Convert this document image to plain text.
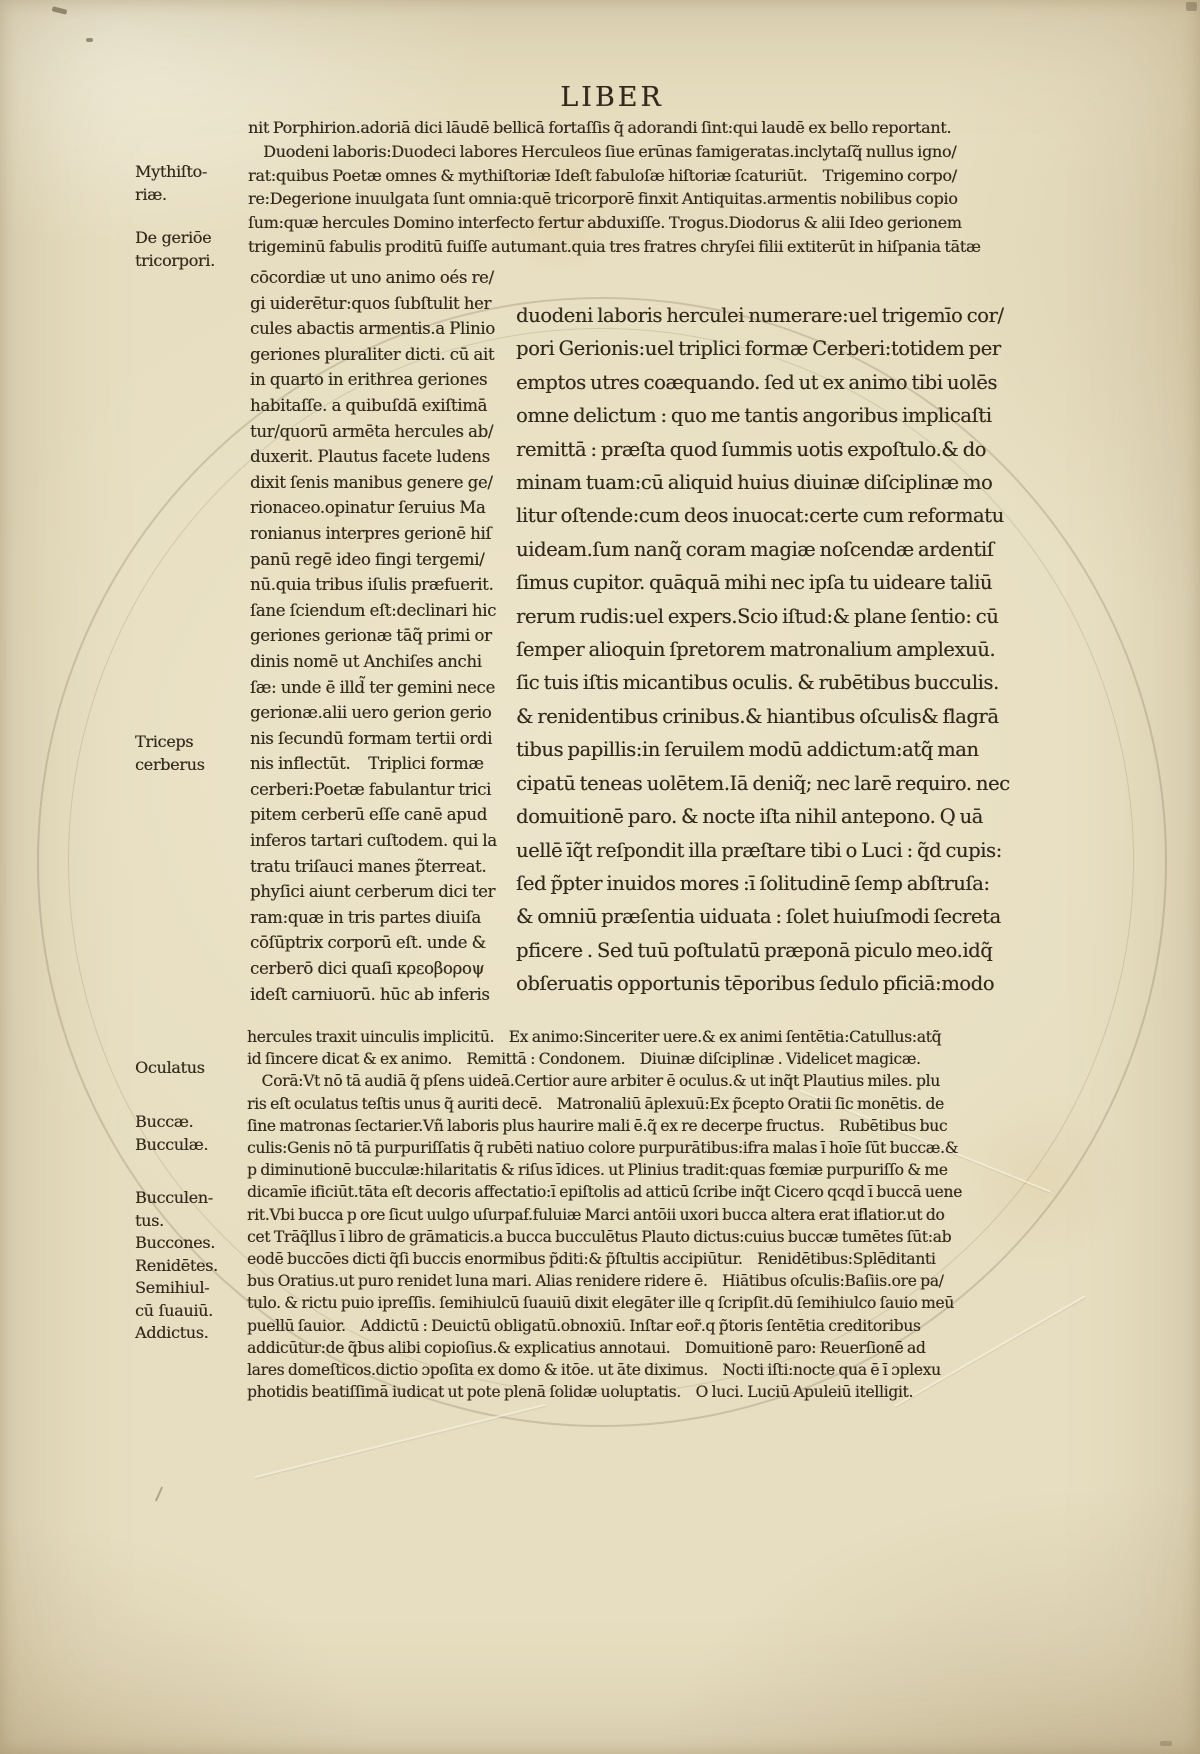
LIBER
nit Porphirion.adoriā dici lāudē bellicā fortaſſis q̃ adorandi ſint:qui laudē ex bello reportant.
Duodeni laboris:Duodeci labores Herculeos ſiue erūnas famigeratas.inclytaſq̃ nullus igno/
rat:quibus Poetæ omnes & mythiſtoriæ Ideſt fabuloſæ hiſtoriæ ſcaturiūt.    Trigemino corpo/
re:Degerione inuulgata ſunt omnia:quē tricorporē finxit Antiquitas.armentis nobilibus copio
ſum:quæ hercules Domino interfecto fertur abduxiſſe. Trogus.Diodorus & alii Ideo gerionem
trigeminū fabulis proditū fuiſſe autumant.quia tres fratres chryſei filii extiterūt in hiſpania tātæ
Mythiſto-
riæ.
De geriōe
tricorpori.
Triceps
cerberus
Oculatus
Buccæ.
Bucculæ.
Bucculen-
tus.
Buccones.
Renidētes.
Semihiul-
cū ſuauiū.
Addictus.
cōcordiæ ut uno animo oés re/
gi uiderētur:quos ſubſtulit her
cules abactis armentis.a Plinio
geriones pluraliter dicti. cū ait
in quarto in erithrea geriones
habitaſſe. a quibuſdā exiſtimā
tur/quorū armēta hercules ab/
duxerit. Plautus facete ludens
dixit ſenis manibus genere ge/
rionaceo.opinatur ſeruius Ma
ronianus interpres gerionē hiſ
panū regē ideo fingi tergemi/
nū.quia tribus iſulis præfuerit.
ſane ſciendum eſt:declinari hic
geriones gerionæ tāq̃ primi or
dinis nomē ut Anchiſes anchi
ſæ: unde ē illd̃ ter gemini nece
gerionæ.alii uero gerion gerio
nis ſecundū formam tertii ordi
nis inflectūt.    Triplici formæ
cerberi:Poetæ fabulantur trici
pitem cerberū eſſe canē apud
inferos tartari cuſtodem. qui la
tratu triſauci manes p̃terreat.
phyſici aiunt cerberum dici ter
ram:quæ in tris partes diuiſa
cōſūptrix corporū eſt. unde &
cerberō dici quaſi κρεοβοροψ
ideſt carniuorū. hūc ab inferis
duodeni laboris herculei numerare:uel trigemīo cor/
pori Gerionis:uel triplici formæ Cerberi:totidem per
emptos utres coæquando. ſed ut ex animo tibi uolēs
omne delictum : quo me tantis angoribus implicaſti
remittā : præſta quod ſummis uotis expoſtulo.& do
minam tuam:cū aliquid huius diuinæ diſciplinæ mo
litur oſtende:cum deos inuocat:certe cum reformatu
uideam.ſum nanq̃ coram magiæ noſcendæ ardentiſ
ſimus cupitor. quāquā mihi nec ipſa tu uideare taliū
rerum rudis:uel expers.Scio iſtud:& plane ſentio: cū
ſemper alioquin ſpretorem matronalium amplexuū.
ſic tuis iſtis micantibus oculis. & rubētibus bucculis.
& renidentibus crinibus.& hiantibus oſculis& flagrā
tibus papillis:in ſeruilem modū addictum:atq̃ man
cipatū teneas uolētem.Iā deniq̃; nec larē requiro. nec
domuitionē paro. & nocte iſta nihil antepono. Q uā
uellē īq̃t reſpondit illa præſtare tibi o Luci : q̃d cupis:
ſed p̃pter inuidos mores :ī ſolitudinē ſemp abſtruſa:
& omniū præſentia uiduata : ſolet huiuſmodi ſecreta
pficere . Sed tuū poſtulatū præponā piculo meo.idq̃
obſeruatis opportunis tēporibus ſedulo pficiā:modo
hercules traxit uinculis implicitū.    Ex animo:Sinceriter uere.& ex animi ſentētia:Catullus:atq̃
id ſincere dicat & ex animo.    Remittā : Condonem.    Diuinæ diſciplinæ . Videlicet magicæ.
Corā:Vt nō tā audiā q̃ pſens uideā.Certior aure arbiter ē oculus.& ut inq̃t Plautius miles. plu
ris eſt oculatus teſtis unus q̃ auriti decē.    Matronaliū āplexuū:Ex p̃cepto Oratii ſic monētis. de
ſine matronas ſectarier.Vñ laboris plus haurire mali ē.q̃ ex re decerpe fructus.    Rubētibus buc
culis:Genis nō tā purpuriſſatis q̃ rubēti natiuo colore purpurātibus:ifra malas ī hoīe ſūt buccæ.&
p diminutionē bucculæ:hilaritatis & riſus īdices. ut Plinius tradit:quas fœmiæ purpuriſſo & me
dicamīe ificiūt.tāta eſt decoris affectatio:ī epiſtolis ad atticū ſcribe inq̃t Cicero qcqd ī buccā uene
rit.Vbi bucca p ore ſicut uulgo uſurpaf.fuluiæ Marci antōii uxori bucca altera erat iflatior.ut do
cet Trāq̃llus ī libro de grāmaticis.a bucca bucculētus Plauto dictus:cuius buccæ tumētes ſūt:ab
eodē buccōes dicti q̃ſi buccis enormibus p̃diti:& p̃ſtultis accipiūtur.    Renidētibus:Splēditanti
bus Oratius.ut puro renidet luna mari. Alias renidere ridere ē.    Hiātibus oſculis:Baſiis.ore pa/
tulo. & rictu puio ipreſſis. ſemihiulcū ſuauiū dixit elegāter ille q ſcripſit.dū ſemihiulco ſauio meū
puellū ſauior.    Addictū : Deuictū obligatū.obnoxiū. Inſtar eor̃.q p̃toris ſentētia creditoribus
addicūtur:de q̃bus alibi copioſius.& explicatius annotaui.    Domuitionē paro: Reuerſionē ad
lares domeſticos.dictio ɔpoſita ex domo & itōe. ut āte diximus.    Nocti iſti:nocte qua ē ī ɔplexu
photidis beatiſſimā iudicat ut pote plenā ſolidæ uoluptatis.    O luci. Luciū Apuleiū itelligit.
